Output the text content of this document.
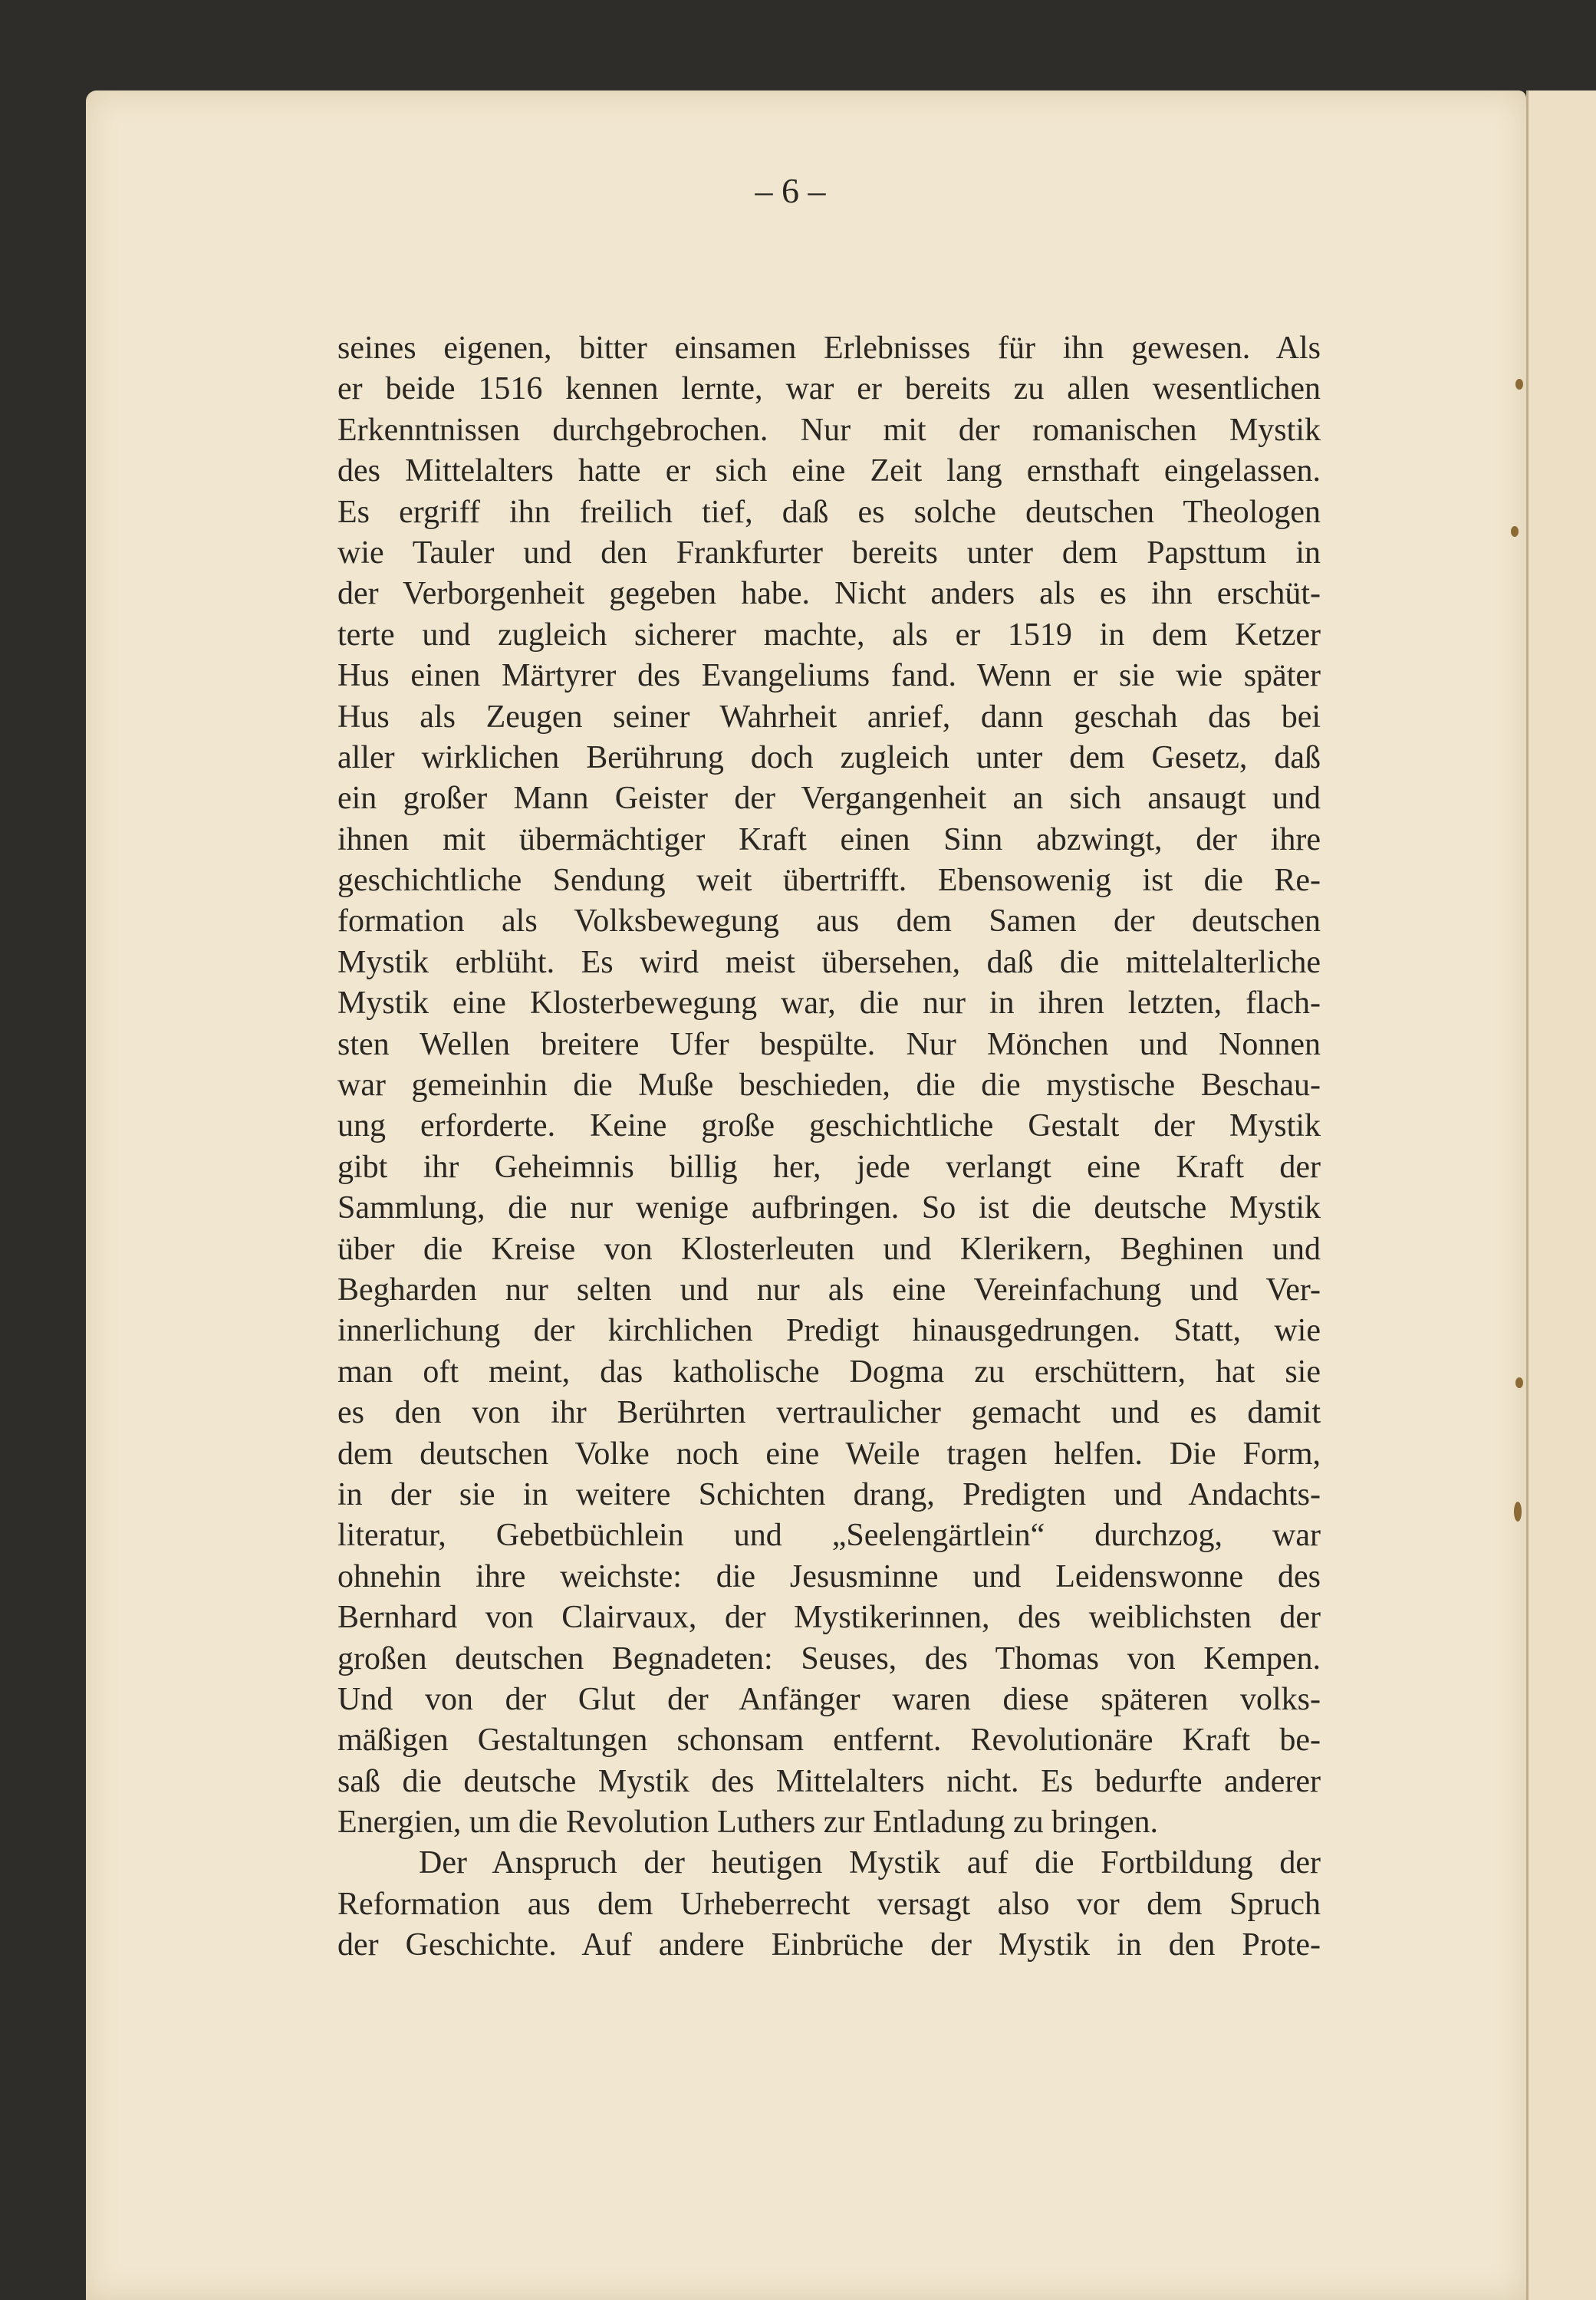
– 6 –
seines eigenen, bitter einsamen Erlebnisses für ihn gewesen. Als
er beide 1516 kennen lernte, war er bereits zu allen wesentlichen
Erkenntnissen durchgebrochen. Nur mit der romanischen Mystik
des Mittelalters hatte er sich eine Zeit lang ernsthaft eingelassen.
Es ergriff ihn freilich tief, daß es solche deutschen Theologen
wie Tauler und den Frankfurter bereits unter dem Papsttum in
der Verborgenheit gegeben habe. Nicht anders als es ihn erschüt-
terte und zugleich sicherer machte, als er 1519 in dem Ketzer
Hus einen Märtyrer des Evangeliums fand. Wenn er sie wie später
Hus als Zeugen seiner Wahrheit anrief, dann geschah das bei
aller wirklichen Berührung doch zugleich unter dem Gesetz, daß
ein großer Mann Geister der Vergangenheit an sich ansaugt und
ihnen mit übermächtiger Kraft einen Sinn abzwingt, der ihre
geschichtliche Sendung weit übertrifft. Ebensowenig ist die Re-
formation als Volksbewegung aus dem Samen der deutschen
Mystik erblüht. Es wird meist übersehen, daß die mittelalterliche
Mystik eine Klosterbewegung war, die nur in ihren letzten, flach-
sten Wellen breitere Ufer bespülte. Nur Mönchen und Nonnen
war gemeinhin die Muße beschieden, die die mystische Beschau-
ung erforderte. Keine große geschichtliche Gestalt der Mystik
gibt ihr Geheimnis billig her, jede verlangt eine Kraft der
Sammlung, die nur wenige aufbringen. So ist die deutsche Mystik
über die Kreise von Klosterleuten und Klerikern, Beghinen und
Begharden nur selten und nur als eine Vereinfachung und Ver-
innerlichung der kirchlichen Predigt hinausgedrungen. Statt, wie
man oft meint, das katholische Dogma zu erschüttern, hat sie
es den von ihr Berührten vertraulicher gemacht und es damit
dem deutschen Volke noch eine Weile tragen helfen. Die Form,
in der sie in weitere Schichten drang, Predigten und Andachts-
literatur, Gebetbüchlein und „Seelengärtlein“ durchzog, war
ohnehin ihre weichste: die Jesusminne und Leidenswonne des
Bernhard von Clairvaux, der Mystikerinnen, des weiblichsten der
großen deutschen Begnadeten: Seuses, des Thomas von Kempen.
Und von der Glut der Anfänger waren diese späteren volks-
mäßigen Gestaltungen schonsam entfernt. Revolutionäre Kraft be-
saß die deutsche Mystik des Mittelalters nicht. Es bedurfte anderer
Energien, um die Revolution Luthers zur Entladung zu bringen.
Der Anspruch der heutigen Mystik auf die Fortbildung der
Reformation aus dem Urheberrecht versagt also vor dem Spruch
der Geschichte. Auf andere Einbrüche der Mystik in den Prote-
